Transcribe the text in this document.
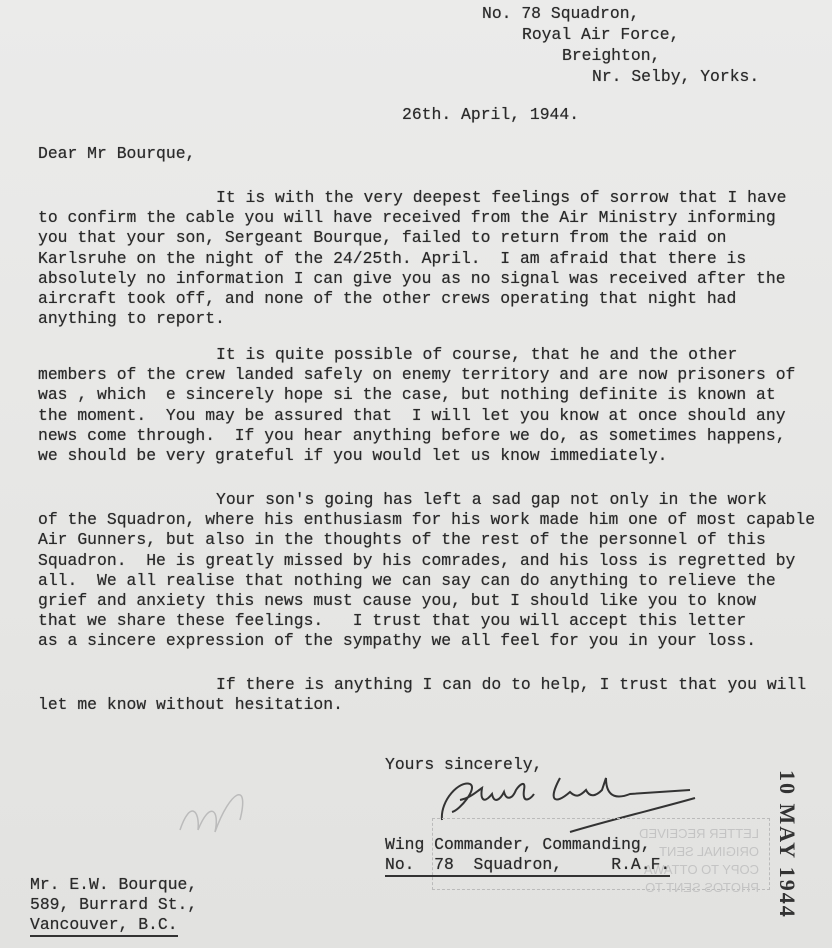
No. 78 Squadron,
Royal Air Force,
Breighton,
Nr. Selby, Yorks.
26th. April, 1944.
Dear Mr Bourque,
It is with the very deepest feelings of sorrow that I have
to confirm the cable you will have received from the Air Ministry informing
you that your son, Sergeant Bourque, failed to return from the raid on
Karlsruhe on the night of the 24/25th. April.  I am afraid that there is
absolutely no information I can give you as no signal was received after the
aircraft took off, and none of the other crews operating that night had
anything to report.
It is quite possible of course, that he and the other
members of the crew landed safely on enemy territory and are now prisoners of
was , which  e sincerely hope si the case, but nothing definite is known at
the moment.  You may be assured that  I will let you know at once should any
news come through.  If you hear anything before we do, as sometimes happens,
we should be very grateful if you would let us know immediately.
Your son's going has left a sad gap not only in the work
of the Squadron, where his enthusiasm for his work made him one of most capable
Air Gunners, but also in the thoughts of the rest of the personnel of this
Squadron.  He is greatly missed by his comrades, and his loss is regretted by
all.  We all realise that nothing we can say can do anything to relieve the
grief and anxiety this news must cause you, but I should like you to know
that we share these feelings.   I trust that you will accept this letter
as a sincere expression of the sympathy we all feel for you in your loss.
If there is anything I can do to help, I trust that you will
let me know without hesitation.
Yours sincerely,
LETTER RECEIVED
ORIGINAL SENT
COPY TO OTTAWA
PHOTOS SENT TO 10 MAY 1944
Wing Commander, Commanding,
No.  78  Squadron,     R.A.F.
Mr. E.W. Bourque,
589, Burrard St.,
Vancouver, B.C.
